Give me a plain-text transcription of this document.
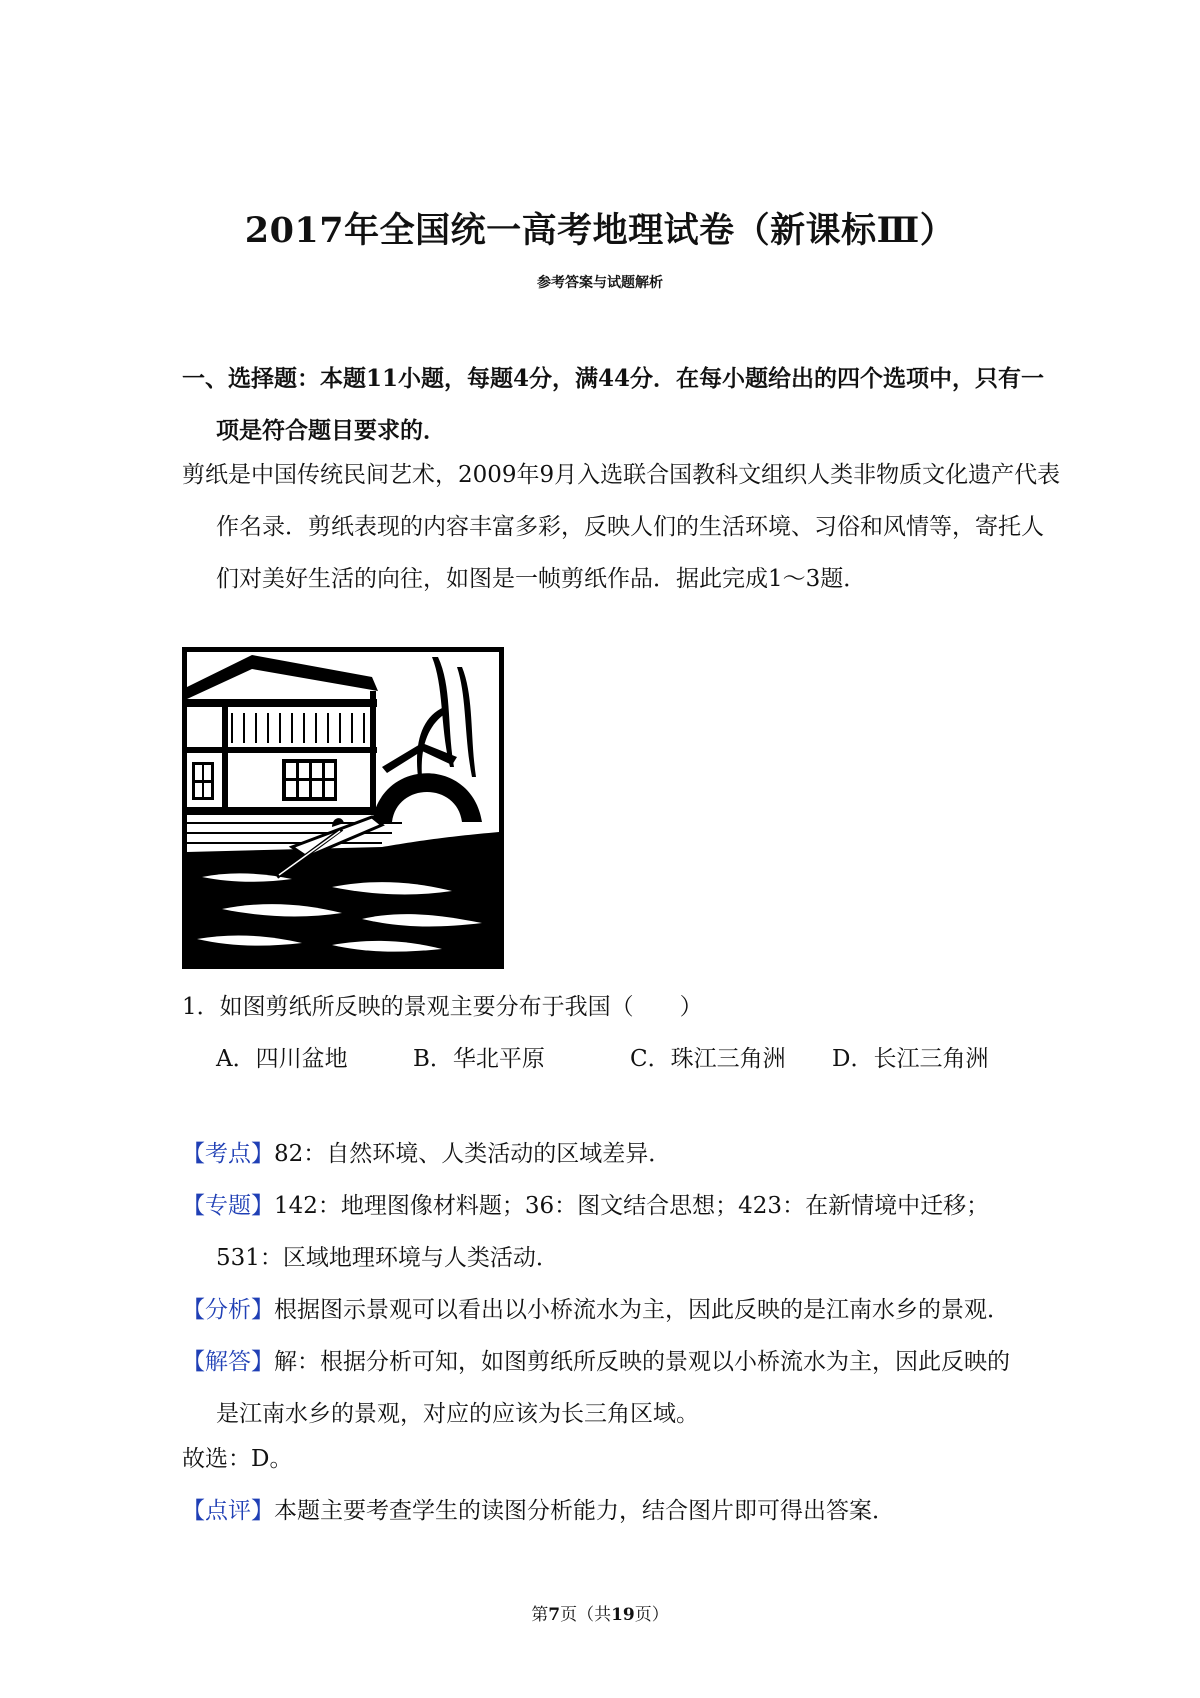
2017年全国统一高考地理试卷（新课标Ⅲ）
参考答案与试题解析
一、选择题：本题11小题，每题4分，满44分．在每小题给出的四个选项中，只有一项是符合题目要求的．
剪纸是中国传统民间艺术，2009年9月入选联合国教科文组织人类非物质文化遗产代表作名录．剪纸表现的内容丰富多彩，反映人们的生活环境、习俗和风情等，寄托人们对美好生活的向往，如图是一帧剪纸作品．据此完成1～3题．
1．如图剪纸所反映的景观主要分布于我国（　　）
A．四川盆地	B．华北平原	C．珠江三角洲 D．长江三角洲
【考点】82：自然环境、人类活动的区域差异．
【专题】142：地理图像材料题；36：图文结合思想；423：在新情境中迁移；531：区域地理环境与人类活动．
【分析】根据图示景观可以看出以小桥流水为主，因此反映的是江南水乡的景观．
【解答】解：根据分析可知，如图剪纸所反映的景观以小桥流水为主，因此反映的是江南水乡的景观，对应的应该为长三角区域。
故选：D。
【点评】本题主要考查学生的读图分析能力，结合图片即可得出答案．
第7页（共19页）
